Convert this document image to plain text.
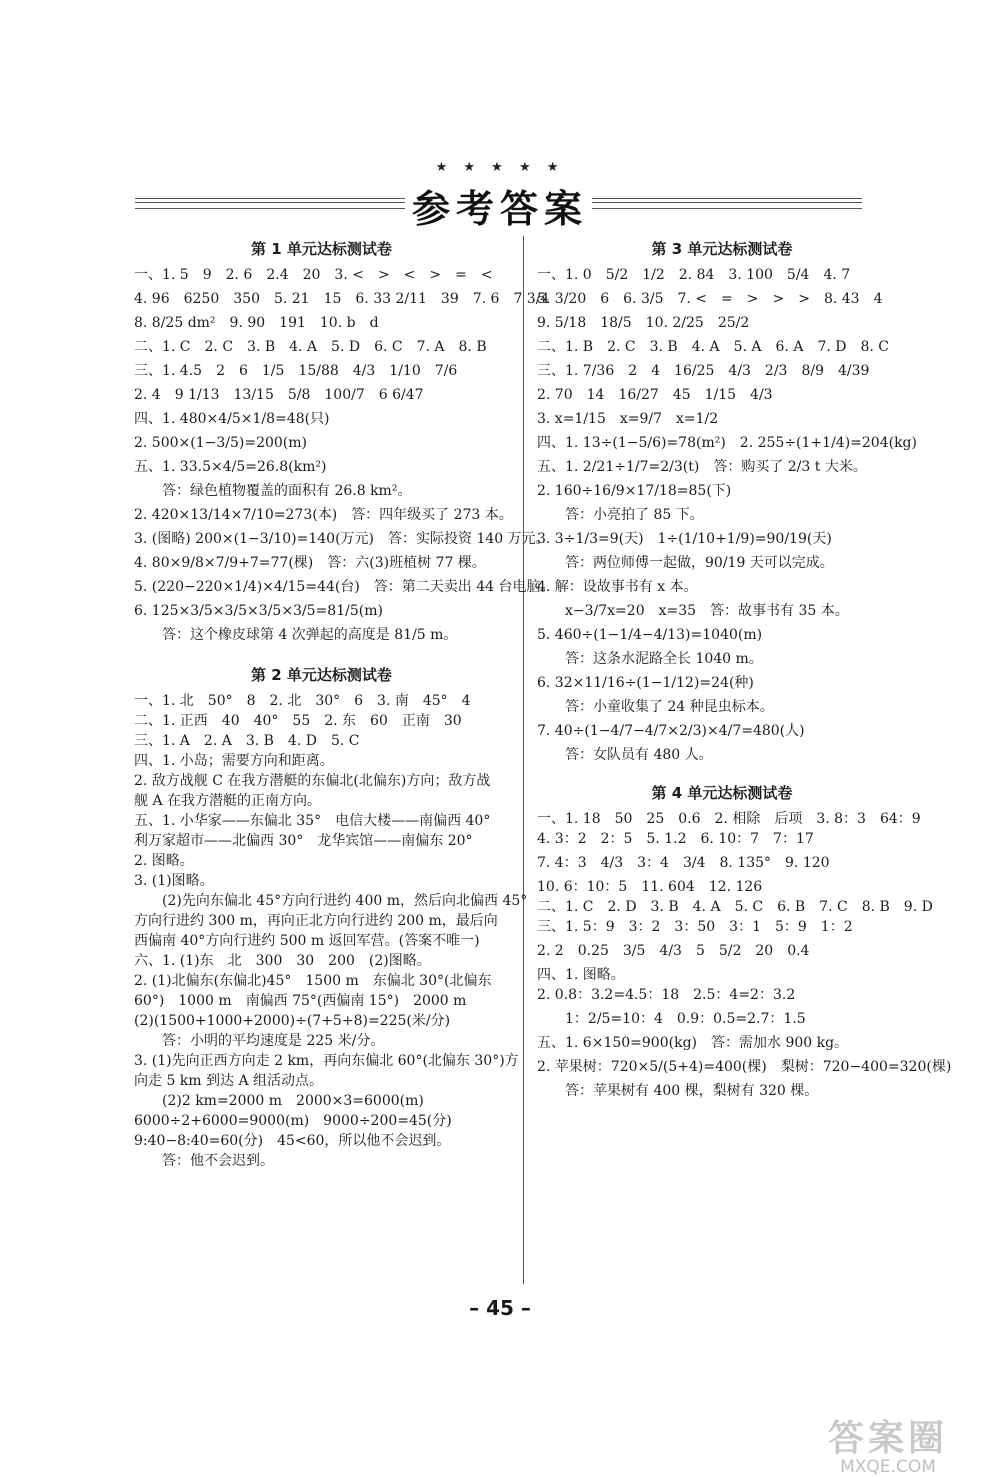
★ ★ ★ ★ ★
参考答案
第 1 单元达标测试卷
一、1. 5　9　2. 6　2.4　20　3. <　>　<　>　=　<
4. 96　6250　350　5. 21　15　6. 33 2/11　39　7. 6　7 3/4
8. 8/25 dm²　9. 90　191　10. b　d
二、1. C　2. C　3. B　4. A　5. D　6. C　7. A　8. B
三、1. 4.5　2　6　1/5　15/88　4/3　1/10　7/6
2. 4　9 1/13　13/15　5/8　100/7　6 6/47
四、1. 480×4/5×1/8=48(只)
2. 500×(1−3/5)=200(m)
五、1. 33.5×4/5=26.8(km²)
答：绿色植物覆盖的面积有 26.8 km²。
2. 420×13/14×7/10=273(本)　答：四年级买了 273 本。
3. (图略) 200×(1−3/10)=140(万元)　答：实际投资 140 万元。
4. 80×9/8×7/9+7=77(棵)　答：六(3)班植树 77 棵。
5. (220−220×1/4)×4/15=44(台)　答：第二天卖出 44 台电脑。
6. 125×3/5×3/5×3/5×3/5=81/5(m)
答：这个橡皮球第 4 次弹起的高度是 81/5 m。
第 2 单元达标测试卷
一、1. 北　50°　8　2. 北　30°　6　3. 南　45°　4
二、1. 正西　40　40°　55　2. 东　60　正南　30
三、1. A　2. A　3. B　4. D　5. C
四、1. 小岛；需要方向和距离。
2. 敌方战舰 C 在我方潜艇的东偏北(北偏东)方向；敌方战
舰 A 在我方潜艇的正南方向。
五、1. 小华家——东偏北 35°　电信大楼——南偏西 40°
利万家超市——北偏西 30°　龙华宾馆——南偏东 20°
2. 图略。
3. (1)图略。
(2)先向东偏北 45°方向行进约 400 m，然后向北偏西 45°
方向行进约 300 m，再向正北方向行进约 200 m，最后向
西偏南 40°方向行进约 500 m 返回军营。(答案不唯一)
六、1. (1)东　北　300　30　200　(2)图略。
2. (1)北偏东(东偏北)45°　1500 m　东偏北 30°(北偏东
60°)　1000 m　南偏西 75°(西偏南 15°)　2000 m
(2)(1500+1000+2000)÷(7+5+8)=225(米/分)
答：小明的平均速度是 225 米/分。
3. (1)先向正西方向走 2 km，再向东偏北 60°(北偏东 30°)方
向走 5 km 到达 A 组活动点。
(2)2 km=2000 m　2000×3=6000(m)
6000÷2+6000=9000(m)　9000÷200=45(分)
9:40−8:40=60(分)　45<60，所以他不会迟到。
答：他不会迟到。
第 3 单元达标测试卷
一、1. 0　5/2　1/2　2. 84　3. 100　5/4　4. 7
5. 3/20　6　6. 3/5　7. <　=　>　>　>　8. 43　4
9. 5/18　18/5　10. 2/25　25/2
二、1. B　2. C　3. B　4. A　5. A　6. A　7. D　8. C
三、1. 7/36　2　4　16/25　4/3　2/3　8/9　4/39
2. 70　14　16/27　45　1/15　4/3
3. x=1/15　x=9/7　x=1/2
四、1. 13÷(1−5/6)=78(m²)　2. 255÷(1+1/4)=204(kg)
五、1. 2/21÷1/7=2/3(t)　答：购买了 2/3 t 大米。
2. 160÷16/9×17/18=85(下)
答：小亮拍了 85 下。
3. 3÷1/3=9(天)　1÷(1/10+1/9)=90/19(天)
答：两位师傅一起做，90/19 天可以完成。
4. 解：设故事书有 x 本。
x−3/7x=20　x=35　答：故事书有 35 本。
5. 460÷(1−1/4−4/13)=1040(m)
答：这条水泥路全长 1040 m。
6. 32×11/16÷(1−1/12)=24(种)
答：小童收集了 24 种昆虫标本。
7. 40÷(1−4/7−4/7×2/3)×4/7=480(人)
答：女队员有 480 人。
第 4 单元达标测试卷
一、1. 18　50　25　0.6　2. 相除　后项　3. 8：3　64：9
4. 3：2　2：5　5. 1.2　6. 10：7　7：17
7. 4：3　4/3　3：4　3/4　8. 135°　9. 120
10. 6：10：5　11. 604　12. 126
二、1. C　2. D　3. B　4. A　5. C　6. B　7. C　8. B　9. D
三、1. 5：9　3：2　3：50　3：1　5：9　1：2
2. 2　0.25　3/5　4/3　5　5/2　20　0.4
四、1. 图略。
2. 0.8：3.2=4.5：18　2.5：4=2：3.2
1：2/5=10：4　0.9：0.5=2.7：1.5
五、1. 6×150=900(kg)　答：需加水 900 kg。
2. 苹果树：720×5/(5+4)=400(棵)　梨树：720−400=320(棵)
答：苹果树有 400 棵，梨树有 320 棵。
– 45 –
答案圈
MXQE.COM
